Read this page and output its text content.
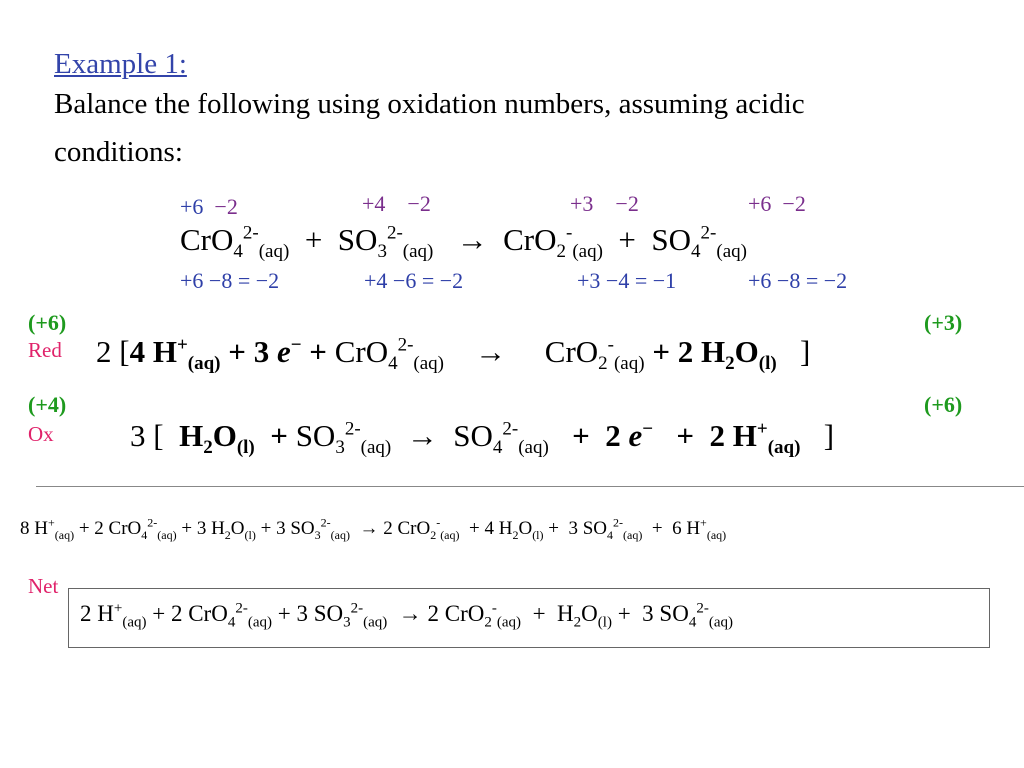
Example 1:
Balance the following using oxidation numbers, assuming acidic
conditions:
+6 −2	+4 −2	+3 −2	+6 −2
$CrO_4^{2-}_{(aq)} + SO_3^{2-}_{(aq)} \to CrO_2^-_{(aq)} + SO_4^{2-}_{(aq)}$
+6 −8 = −2	+4 −6 = −2	+3 −4 = −1	+6 −8 = −2
(+6)
Red
(+3)
2 [4 $H^+_{(aq)} + 3$ e− + CrO$_4^{2-}_{(aq)}$    →     CrO$_2$-$_{(aq)}$ + 2 $H_2O_{(l)}$ ]
(+4)
Ox
(+6)
3 [ $H_2O_{(l)} + SO_3^{2-}_{(aq)} \to SO_4^{2-}_{(aq)} + 2$ e− + 2 $H^+_{(aq)}$ ]
8 $H^+_{(aq)} + 2$ CrO$_4^{2-}_{(aq)}$ + 3 $H_2O_{(l)} + 3$ $SO_3^{2-}_{(aq)} \to 2$ CrO$_2$-$_{(aq)}$  + 4 $H_2O_{(l)} + 3$ $SO_4^{2-}_{(aq)} + 6$ $H^+_{(aq)}$
Net
2 $H^+_{(aq)} + 2$ CrO$_4^{2-}_{(aq)}$ + 3 $SO_3^{2-}_{(aq)} \to 2$ $CrO_2^-_{(aq)} + H_2O_{(l)} + 3$ $SO_4^{2-}_{(aq)}$
